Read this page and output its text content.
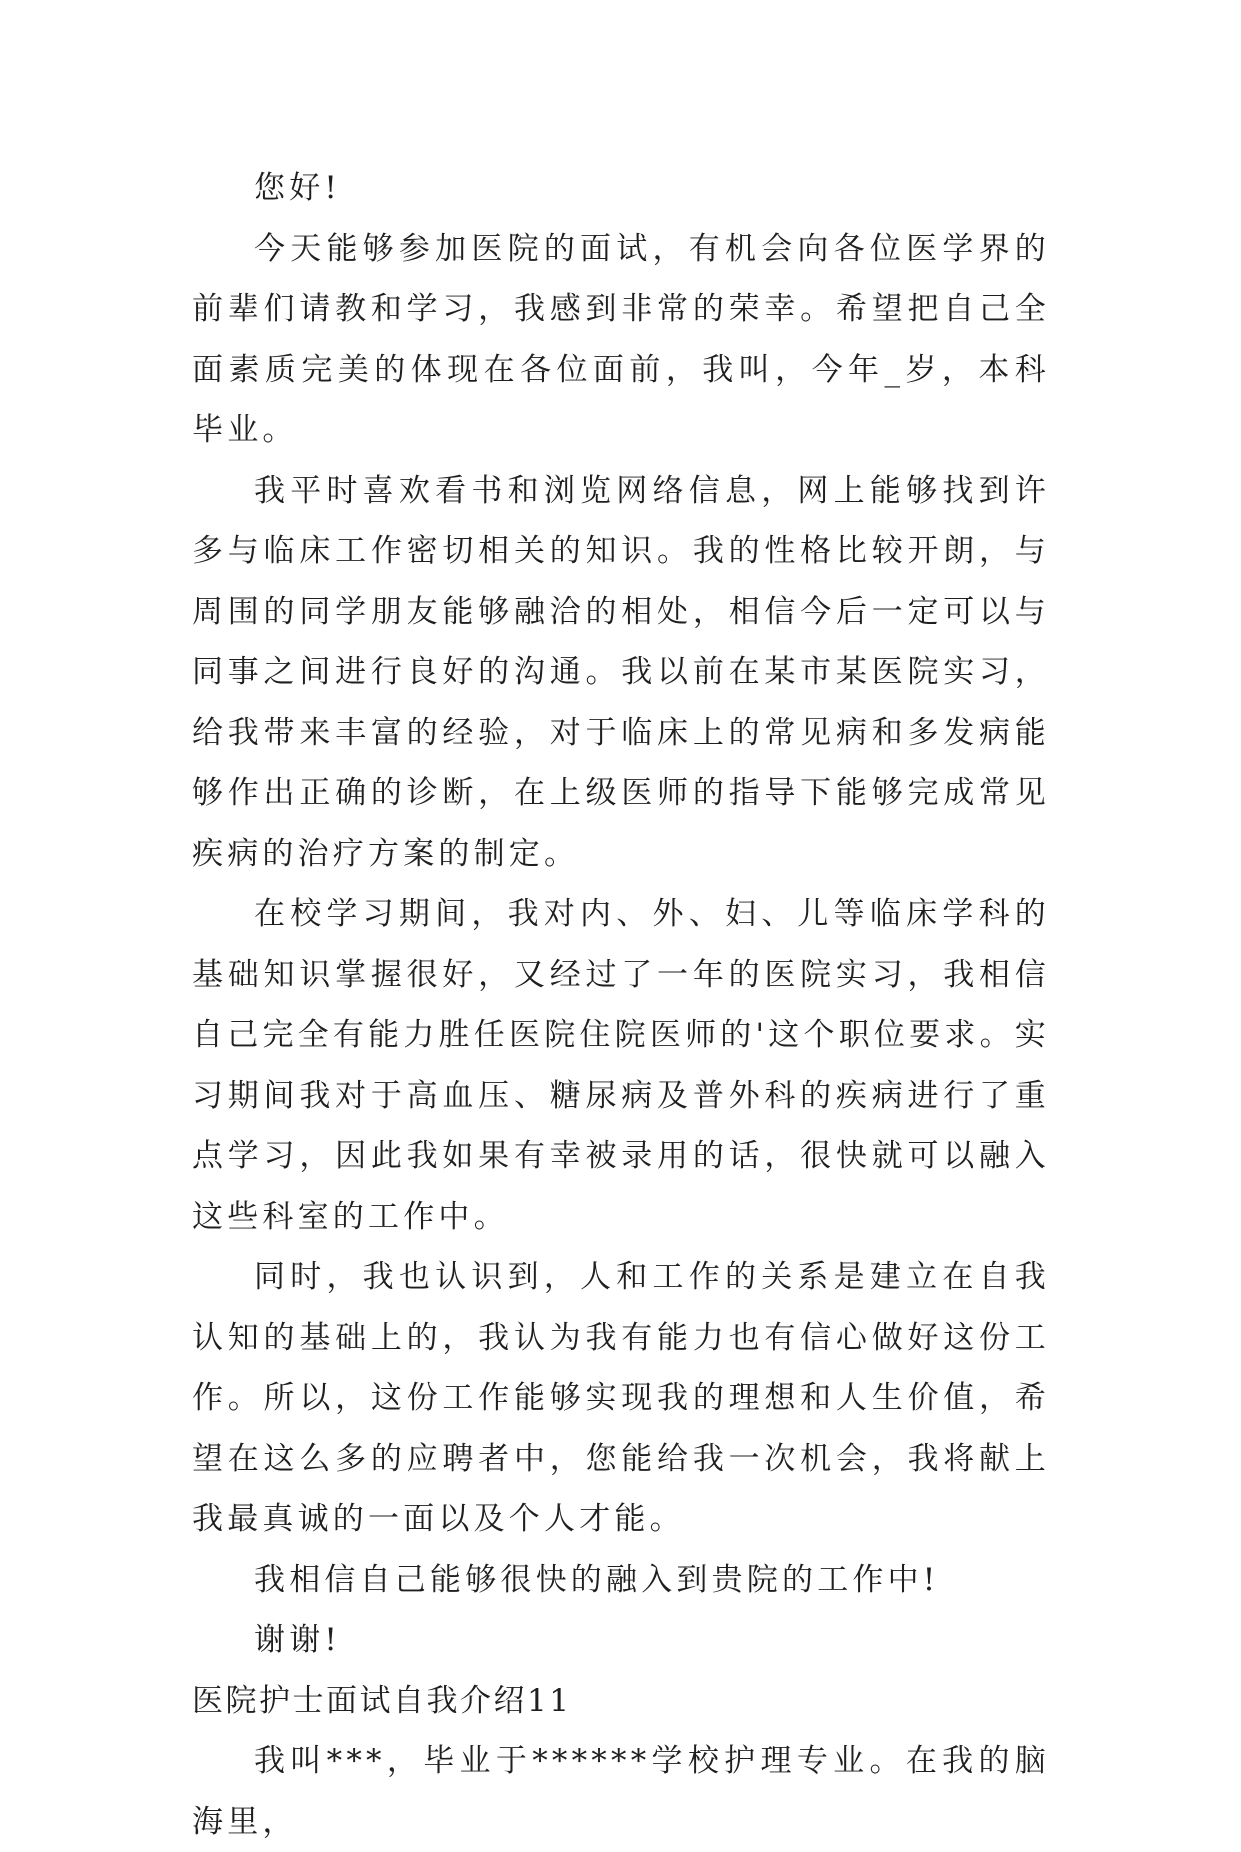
您好!

今天能够参加医院的面试，有机会向各位医学界的前辈们请教和学习，我感到非常的荣幸。希望把自己全面素质完美的体现在各位面前，我叫，今年_岁，本科毕业。

我平时喜欢看书和浏览网络信息，网上能够找到许多与临床工作密切相关的知识。我的性格比较开朗，与周围的同学朋友能够融洽的相处，相信今后一定可以与同事之间进行良好的沟通。我以前在某市某医院实习，给我带来丰富的经验，对于临床上的常见病和多发病能够作出正确的诊断，在上级医师的指导下能够完成常见疾病的治疗方案的制定。

在校学习期间，我对内、外、妇、儿等临床学科的基础知识掌握很好，又经过了一年的医院实习，我相信自己完全有能力胜任医院住院医师的'这个职位要求。实习期间我对于高血压、糖尿病及普外科的疾病进行了重点学习，因此我如果有幸被录用的话，很快就可以融入这些科室的工作中。

同时，我也认识到，人和工作的关系是建立在自我认知的基础上的，我认为我有能力也有信心做好这份工作。所以，这份工作能够实现我的理想和人生价值，希望在这么多的应聘者中，您能给我一次机会，我将献上我最真诚的一面以及个人才能。

我相信自己能够很快的融入到贵院的工作中!

谢谢!

医院护士面试自我介绍11

我叫***，毕业于******学校护理专业。在我的脑海里，
